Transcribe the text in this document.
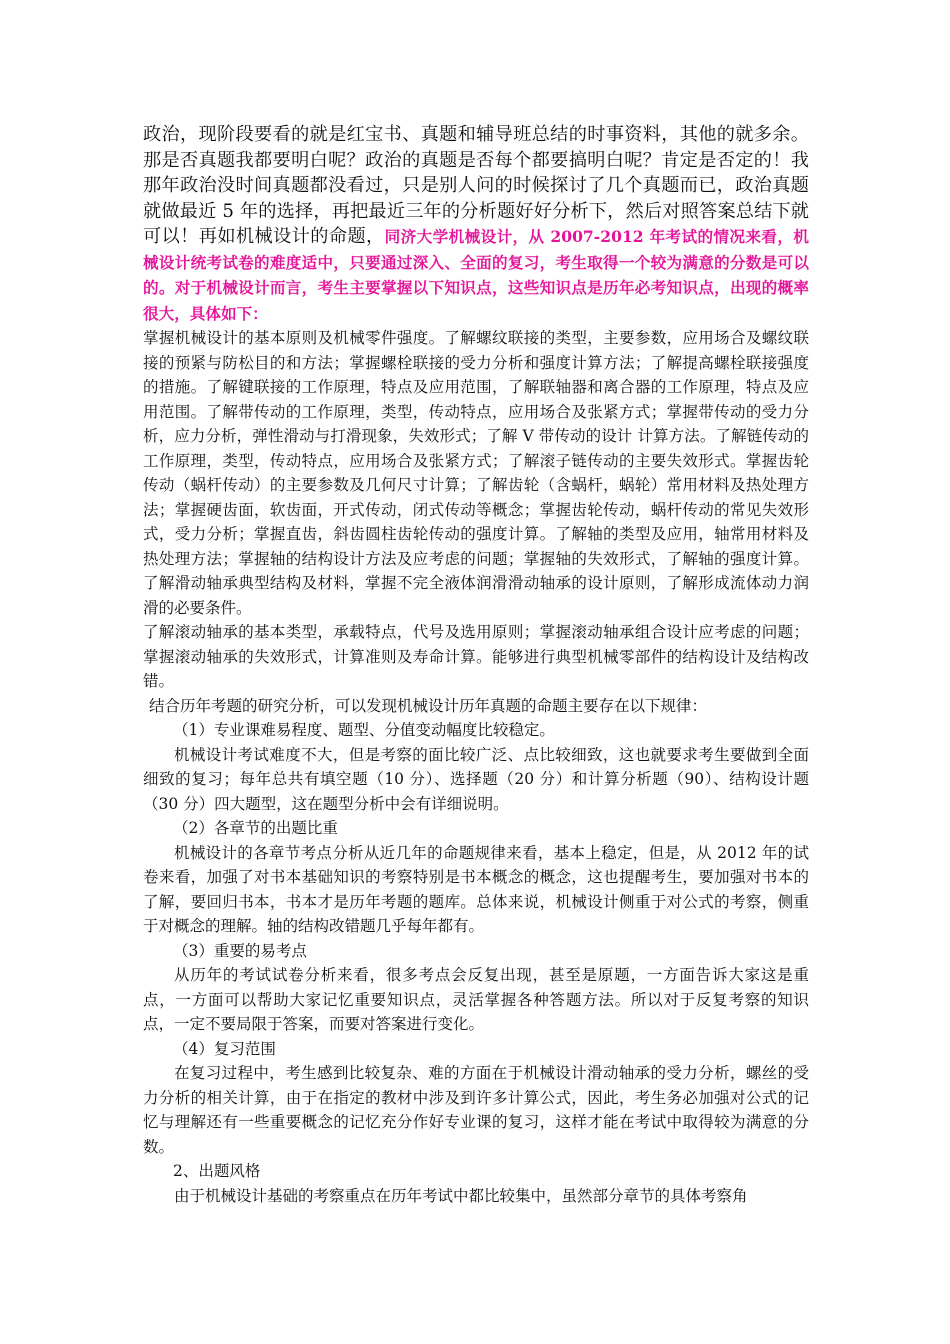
政治，现阶段要看的就是红宝书、真题和辅导班总结的时事资料，其他的就多余。那是否真题我都要明白呢？政治的真题是否每个都要搞明白呢？肯定是否定的！我那年政治没时间真题都没看过，只是别人问的时候探讨了几个真题而已，政治真题就做最近 5 年的选择，再把最近三年的分析题好好分析下，然后对照答案总结下就可以！再如机械设计的命题，同济大学机械设计，从 2007-2012 年考试的情况来看，机械设计统考试卷的难度适中，只要通过深入、全面的复习，考生取得一个较为满意的分数是可以的。对于机械设计而言，考生主要掌握以下知识点，这些知识点是历年必考知识点，出现的概率很大，具体如下：

掌握机械设计的基本原则及机械零件强度。了解螺纹联接的类型，主要参数，应用场合及螺纹联接的预紧与防松目的和方法；掌握螺栓联接的受力分析和强度计算方法；了解提高螺栓联接强度的措施。了解键联接的工作原理，特点及应用范围，了解联轴器和离合器的工作原理，特点及应用范围。了解带传动的工作原理，类型，传动特点，应用场合及张紧方式；掌握带传动的受力分析，应力分析，弹性滑动与打滑现象，失效形式；了解 V 带传动的设计 计算方法。了解链传动的工作原理，类型，传动特点，应用场合及张紧方式；了解滚子链传动的主要失效形式。掌握齿轮传动（蜗杆传动）的主要参数及几何尺寸计算；了解齿轮（含蜗杆，蜗轮）常用材料及热处理方法；掌握硬齿面，软齿面，开式传动，闭式传动等概念；掌握齿轮传动，蜗杆传动的常见失效形式，受力分析；掌握直齿，斜齿圆柱齿轮传动的强度计算。了解轴的类型及应用，轴常用材料及热处理方法；掌握轴的结构设计方法及应考虑的问题；掌握轴的失效形式，了解轴的强度计算。了解滑动轴承典型结构及材料，掌握不完全液体润滑滑动轴承的设计原则，了解形成流体动力润滑的必要条件。

了解滚动轴承的基本类型，承载特点，代号及选用原则；掌握滚动轴承组合设计应考虑的问题；掌握滚动轴承的失效形式，计算准则及寿命计算。能够进行典型机械零部件的结构设计及结构改错。

结合历年考题的研究分析，可以发现机械设计历年真题的命题主要存在以下规律：

（1）专业课难易程度、题型、分值变动幅度比较稳定。

机械设计考试难度不大，但是考察的面比较广泛、点比较细致，这也就要求考生要做到全面细致的复习；每年总共有填空题（10 分）、选择题（20 分）和计算分析题（90）、结构设计题（30 分）四大题型，这在题型分析中会有详细说明。

（2）各章节的出题比重

机械设计的各章节考点分析从近几年的命题规律来看，基本上稳定，但是，从 2012 年的试卷来看，加强了对书本基础知识的考察特别是书本概念的概念，这也提醒考生，要加强对书本的了解，要回归书本，书本才是历年考题的题库。总体来说，机械设计侧重于对公式的考察，侧重于对概念的理解。轴的结构改错题几乎每年都有。

（3）重要的易考点

从历年的考试试卷分析来看，很多考点会反复出现，甚至是原题，一方面告诉大家这是重点，一方面可以帮助大家记忆重要知识点，灵活掌握各种答题方法。所以对于反复考察的知识点，一定不要局限于答案，而要对答案进行变化。

（4）复习范围

在复习过程中，考生感到比较复杂、难的方面在于机械设计滑动轴承的受力分析，螺丝的受力分析的相关计算，由于在指定的教材中涉及到许多计算公式，因此，考生务必加强对公式的记忆与理解还有一些重要概念的记忆充分作好专业课的复习，这样才能在考试中取得较为满意的分数。

2、出题风格

由于机械设计基础的考察重点在历年考试中都比较集中，虽然部分章节的具体考察角
